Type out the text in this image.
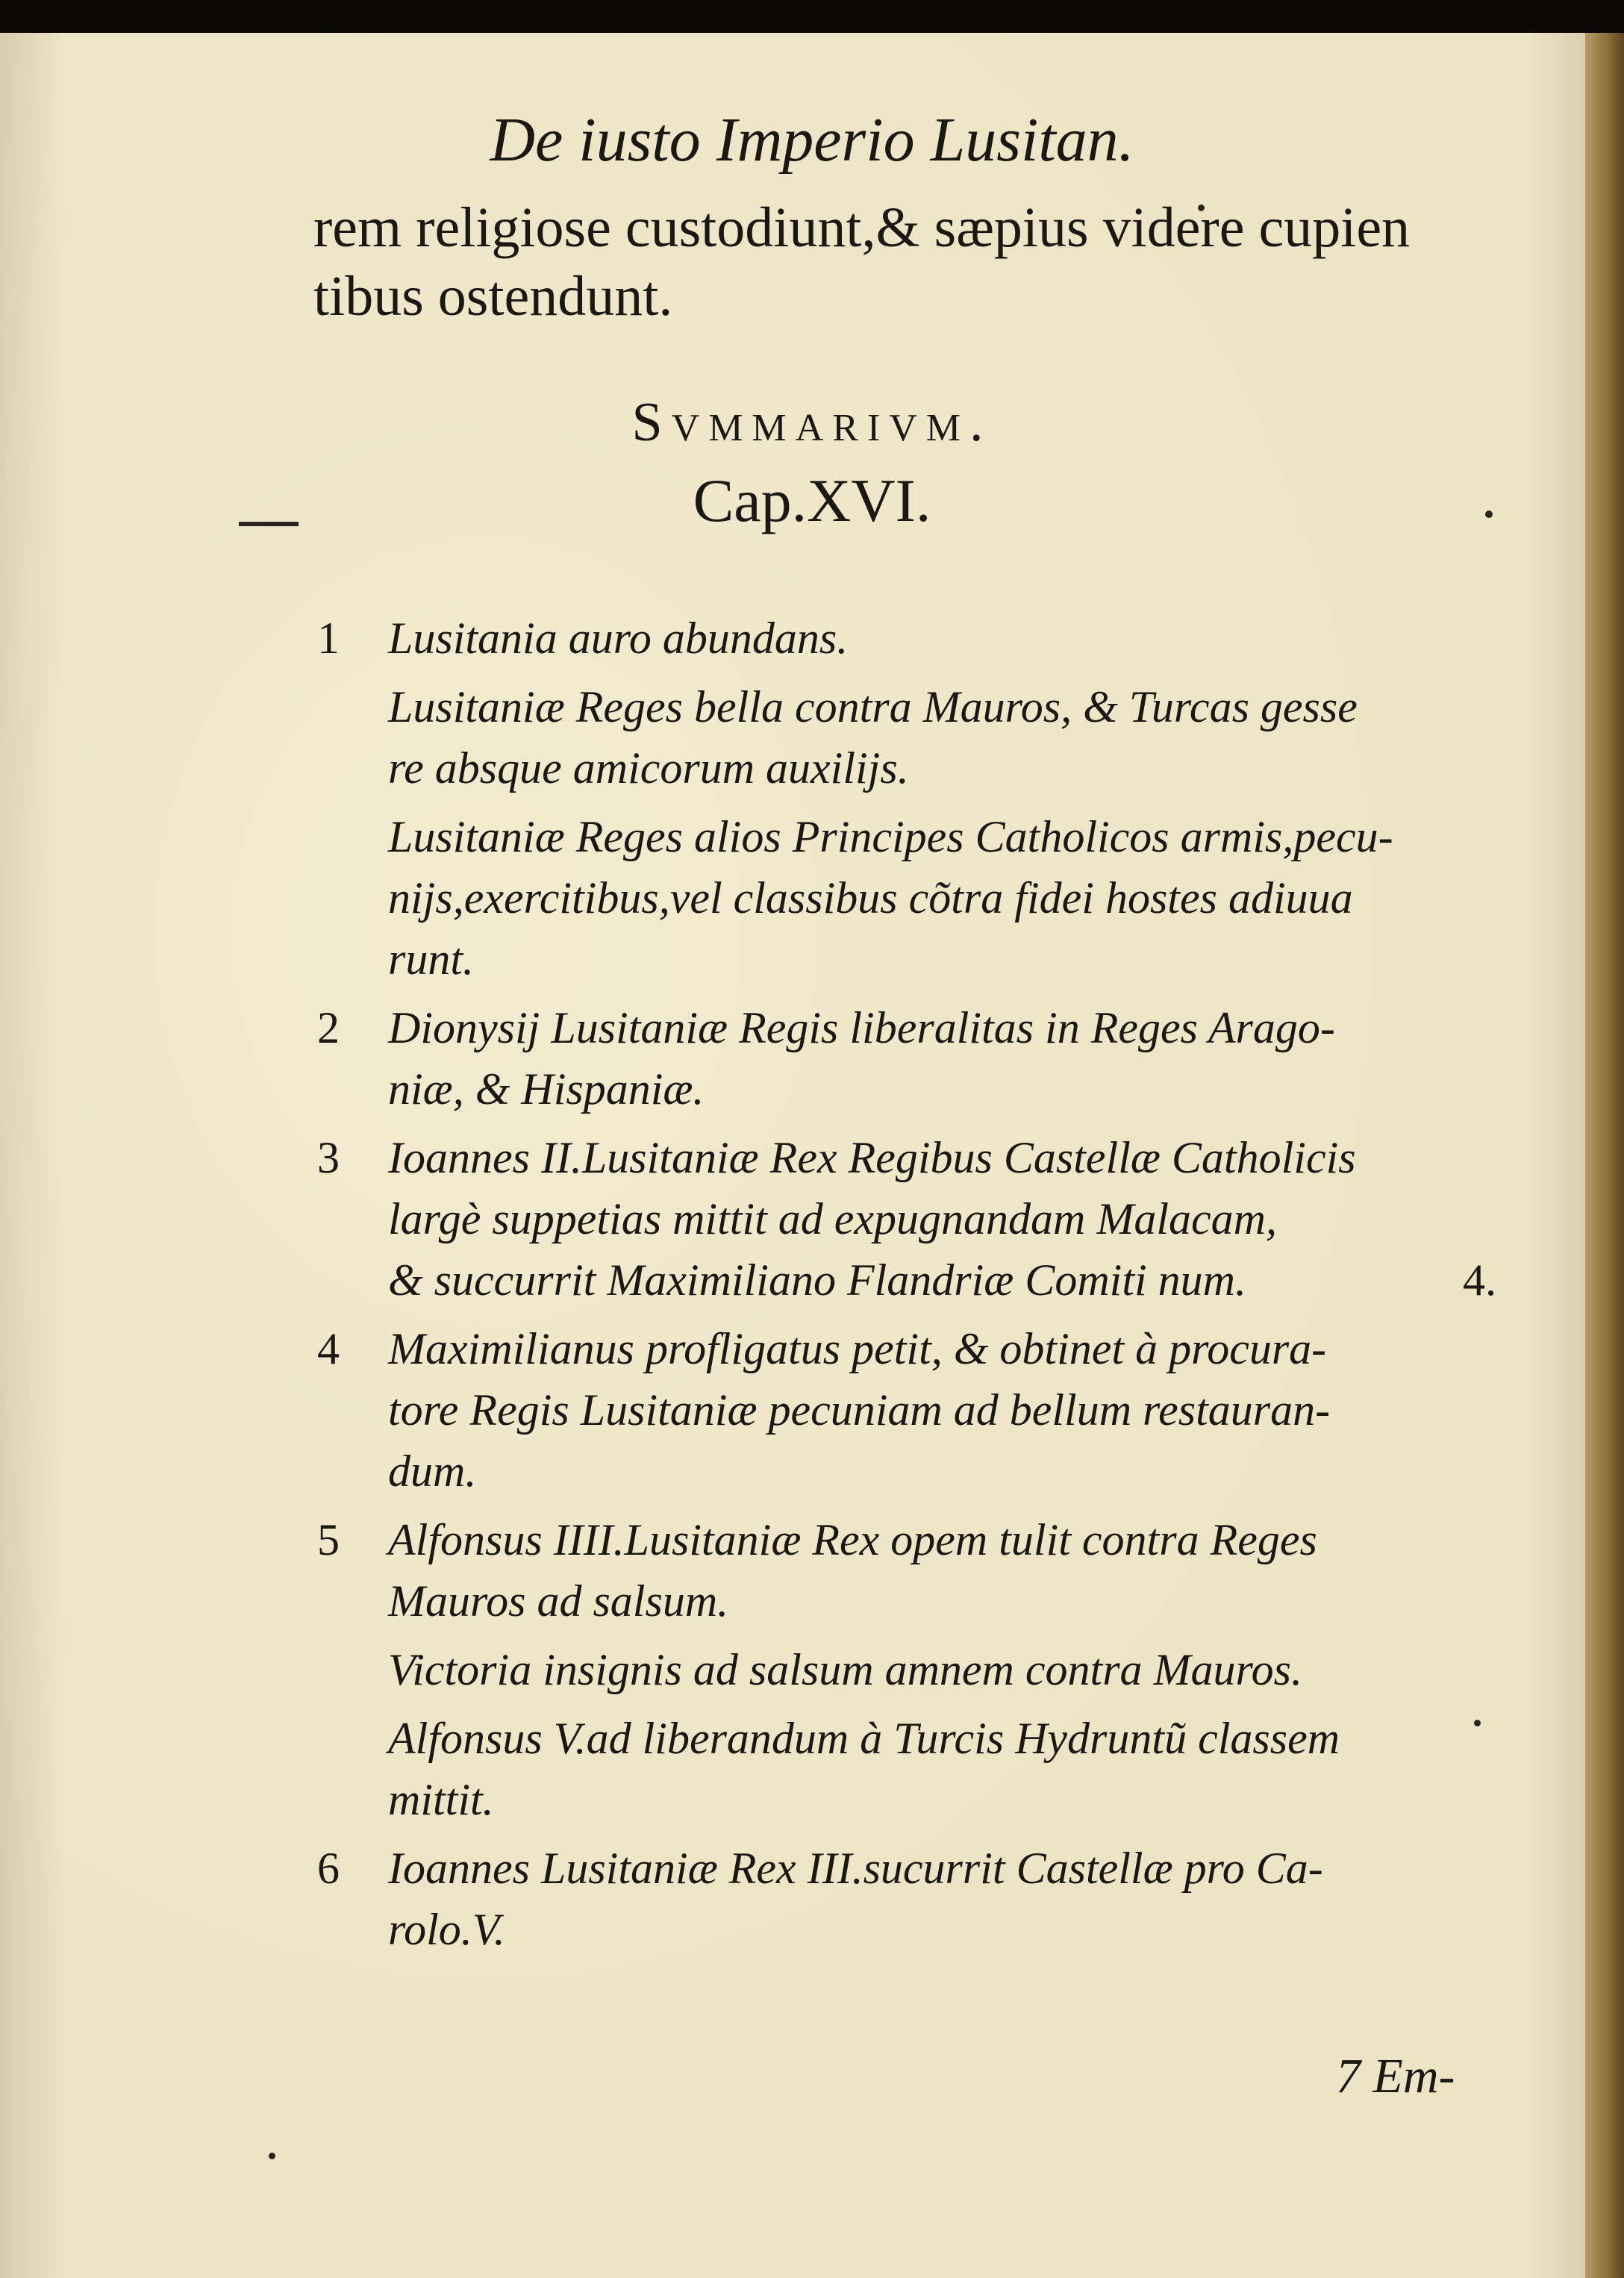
De iusto Imperio Lusitan.
rem religiose custodiunt,& sæpius videre cupien
tibus ostendunt.
Svmmarivm.
Cap.XVI.
1	Lusitania auro abundans.
Lusitaniæ Reges bella contra Mauros, & Turcas gesse
re absque amicorum auxilijs.
Lusitaniæ Reges alios Principes Catholicos armis,pecu-
nijs,exercitibus,vel classibus cõtra fidei hostes adiuua
runt.
2	Dionysij Lusitaniæ Regis liberalitas in Reges Arago-
niæ, & Hispaniæ.
3	Ioannes II.Lusitaniæ Rex Regibus Castellæ Catholicis
largè suppetias mittit ad expugnandam Malacam,
& succurrit Maximiliano Flandriæ Comiti num.	4.
4	Maximilianus profligatus petit, & obtinet à procura-
tore Regis Lusitaniæ pecuniam ad bellum restauran-
dum.
5	Alfonsus IIII.Lusitaniæ Rex opem tulit contra Reges
Mauros ad salsum.
Victoria insignis ad salsum amnem contra Mauros.
Alfonsus V.ad liberandum à Turcis Hydruntũ classem
mittit.
6	Ioannes Lusitaniæ Rex III.sucurrit Castellæ pro Ca-
rolo.V.
7 Em-
